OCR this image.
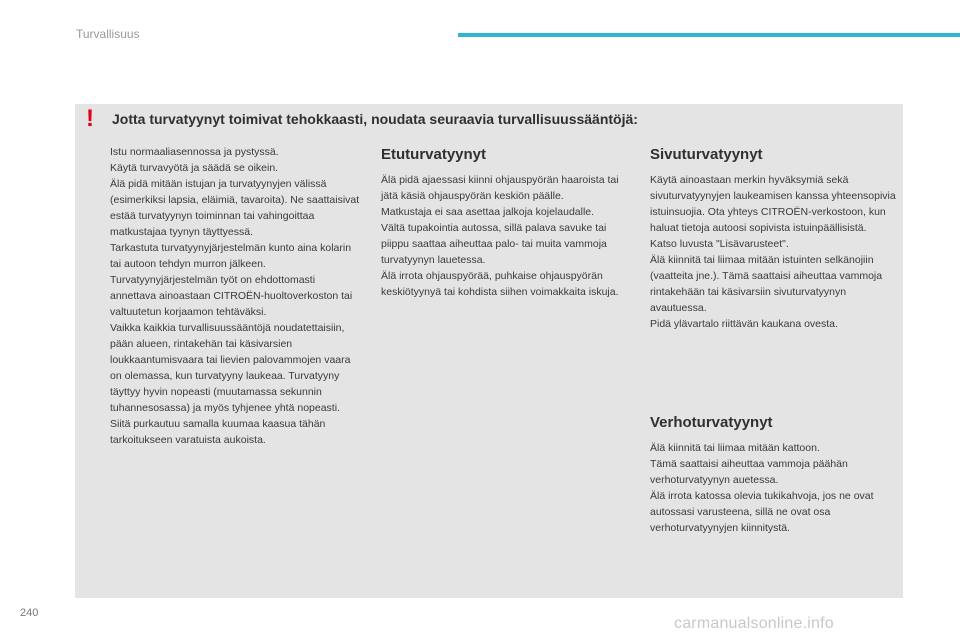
Turvallisuus
! Jotta turvatyynyt toimivat tehokkaasti, noudata seuraavia turvallisuussääntöjä:

Istu normaaliasennossa ja pystyssä.
Käytä turvavyötä ja säädä se oikein.
Älä pidä mitään istujan ja turvatyynyjen välissä (esimerkiksi lapsia, eläimiä, tavaroita). Ne saattaisivat estää turvatyynyn toiminnan tai vahingoittaa matkustajaa tyynyn täyttyessä.
Tarkastuta turvatyynyjärjestelmän kunto aina kolarin tai autoon tehdyn murron jälkeen.
Turvatyynyjärjestelmän työt on ehdottomasti annettava ainoastaan CITROËN-huoltoverkoston tai valtuutetun korjaamon tehtäväksi.
Vaikka kaikkia turvallisuussääntöjä noudatettaisiin, pään alueen, rintakehän tai käsivarsien loukkaantumisvaara tai lievien palovammojen vaara on olemassa, kun turvatyyny laukeaa. Turvatyyny täyttyy hyvin nopeasti (muutamassa sekunnin tuhannesosassa) ja myös tyhjenee yhtä nopeasti. Siitä purkautuu samalla kuumaa kaasua tähän tarkoitukseen varatuista aukoista.

Etuturvatyynyt

Älä pidä ajaessasi kiinni ohjauspyörän haaroista tai jätä käsiä ohjauspyörän keskiön päälle.
Matkustaja ei saa asettaa jalkoja kojelaudalle.
Vältä tupakointia autossa, sillä palava savuke tai piippu saattaa aiheuttaa palo- tai muita vammoja turvatyynyn lauetessa.
Älä irrota ohjauspyörää, puhkaise ohjauspyörän keskiötyynyä tai kohdista siihen voimakkaita iskuja.

Sivuturvatyynyt

Käytä ainoastaan merkin hyväksymiä sekä sivuturvatyynyjen laukeamisen kanssa yhteensopivia istuinsuojia. Ota yhteys CITROËN-verkostoon, kun haluat tietoja autoosi sopivista istuinpäällisistä.
Katso luvusta "Lisävarusteet".
Älä kiinnitä tai liimaa mitään istuinten selkänojiin (vaatteita jne.). Tämä saattaisi aiheuttaa vammoja rintakehään tai käsivarsiin sivuturvatyynyn avautuessa.
Pidä ylävartalo riittävän kaukana ovesta.

Verhoturvatyynyt

Älä kiinnitä tai liimaa mitään kattoon.
Tämä saattaisi aiheuttaa vammoja päähän verhoturvatyynyn auetessa.
Älä irrota katossa olevia tukikahvoja, jos ne ovat autossasi varusteena, sillä ne ovat osa verhoturvatyynyjen kiinnitystä.

240
carmanualsonline.info
